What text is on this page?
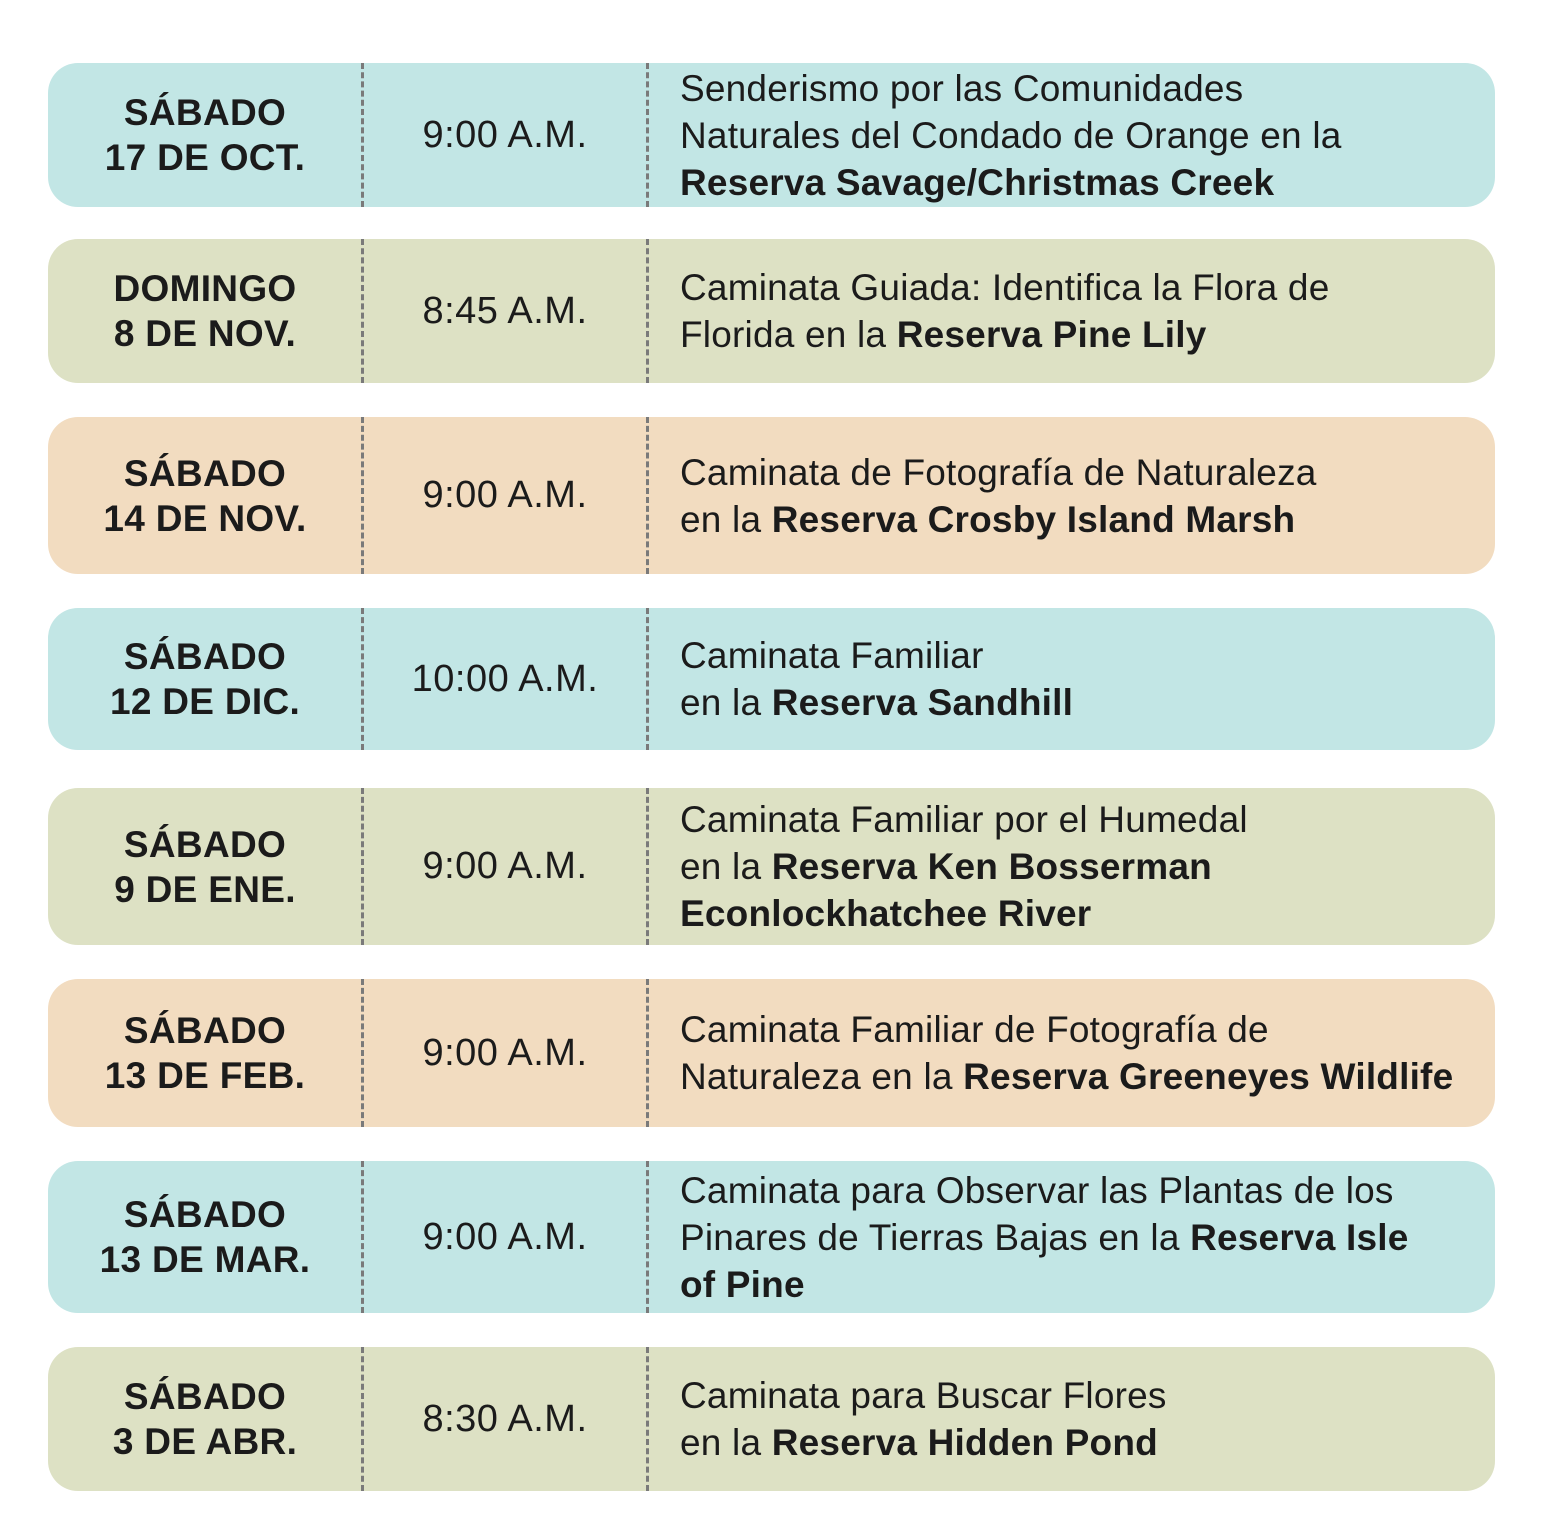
SÁBADO
17 DE OCT.
9:00 A.M.
Senderismo por las Comunidades
Naturales del Condado de Orange en la
Reserva Savage/Christmas Creek
DOMINGO
8 DE NOV.
8:45 A.M.
Caminata Guiada: Identifica la Flora de
Florida en la Reserva Pine Lily
SÁBADO
14 DE NOV.
9:00 A.M.
Caminata de Fotografía de Naturaleza
en la Reserva Crosby Island Marsh
SÁBADO
12 DE DIC.
10:00 A.M.
Caminata Familiar
en la Reserva Sandhill
SÁBADO
9 DE ENE.
9:00 A.M.
Caminata Familiar por el Humedal
en la Reserva Ken Bosserman
Econlockhatchee River
SÁBADO
13 DE FEB.
9:00 A.M.
Caminata Familiar de Fotografía de
Naturaleza en la Reserva Greeneyes Wildlife
SÁBADO
13 DE MAR.
9:00 A.M.
Caminata para Observar las Plantas de los
Pinares de Tierras Bajas en la Reserva Isle
of Pine
SÁBADO
3 DE ABR.
8:30 A.M.
Caminata para Buscar Flores
en la Reserva Hidden Pond
